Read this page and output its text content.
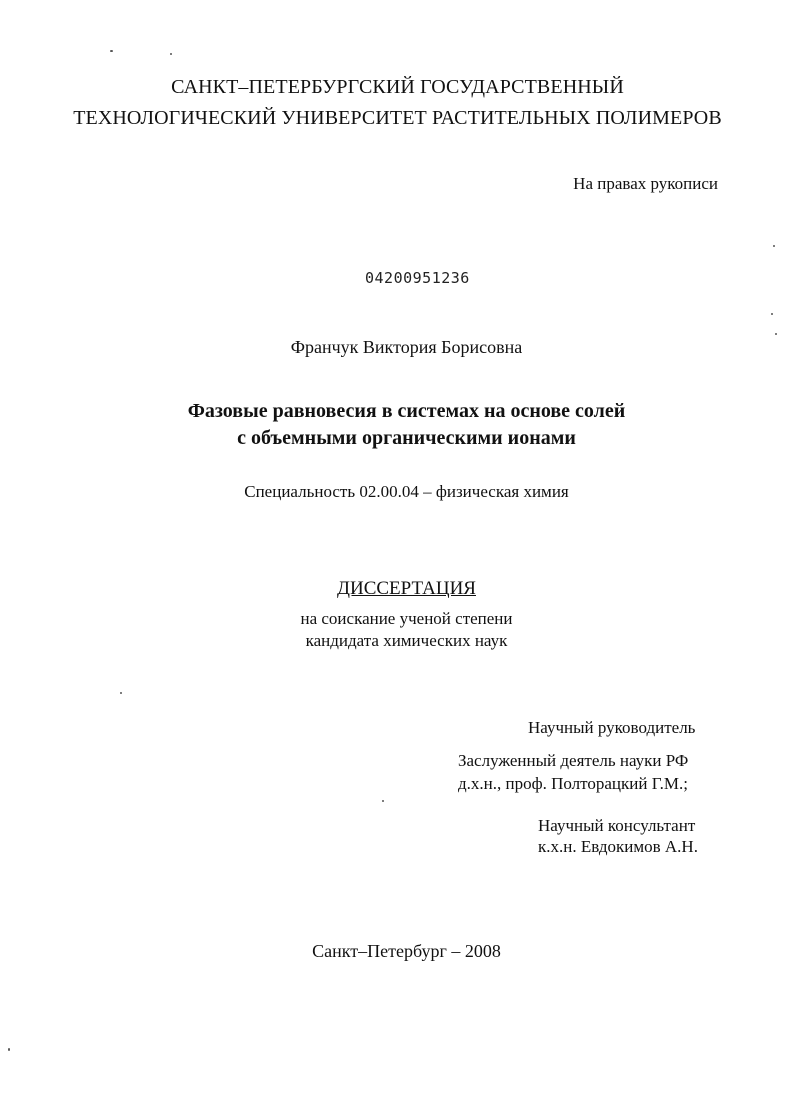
САНКТ–ПЕТЕРБУРГСКИЙ ГОСУДАРСТВЕННЫЙ
ТЕХНОЛОГИЧЕСКИЙ УНИВЕРСИТЕТ РАСТИТЕЛЬНЫХ ПОЛИМЕРОВ
На правах рукописи
04200951236
Франчук Виктория Борисовна
Фазовые равновесия в системах на основе солей
с объемными органическими ионами
Специальность 02.00.04 – физическая химия
ДИССЕРТАЦИЯ
на соискание ученой степени
кандидата химических наук
Научный руководитель
Заслуженный деятель науки РФ
д.х.н., проф. Полторацкий Г.М.;
Научный консультант
к.х.н. Евдокимов А.Н.
Санкт–Петербург – 2008
